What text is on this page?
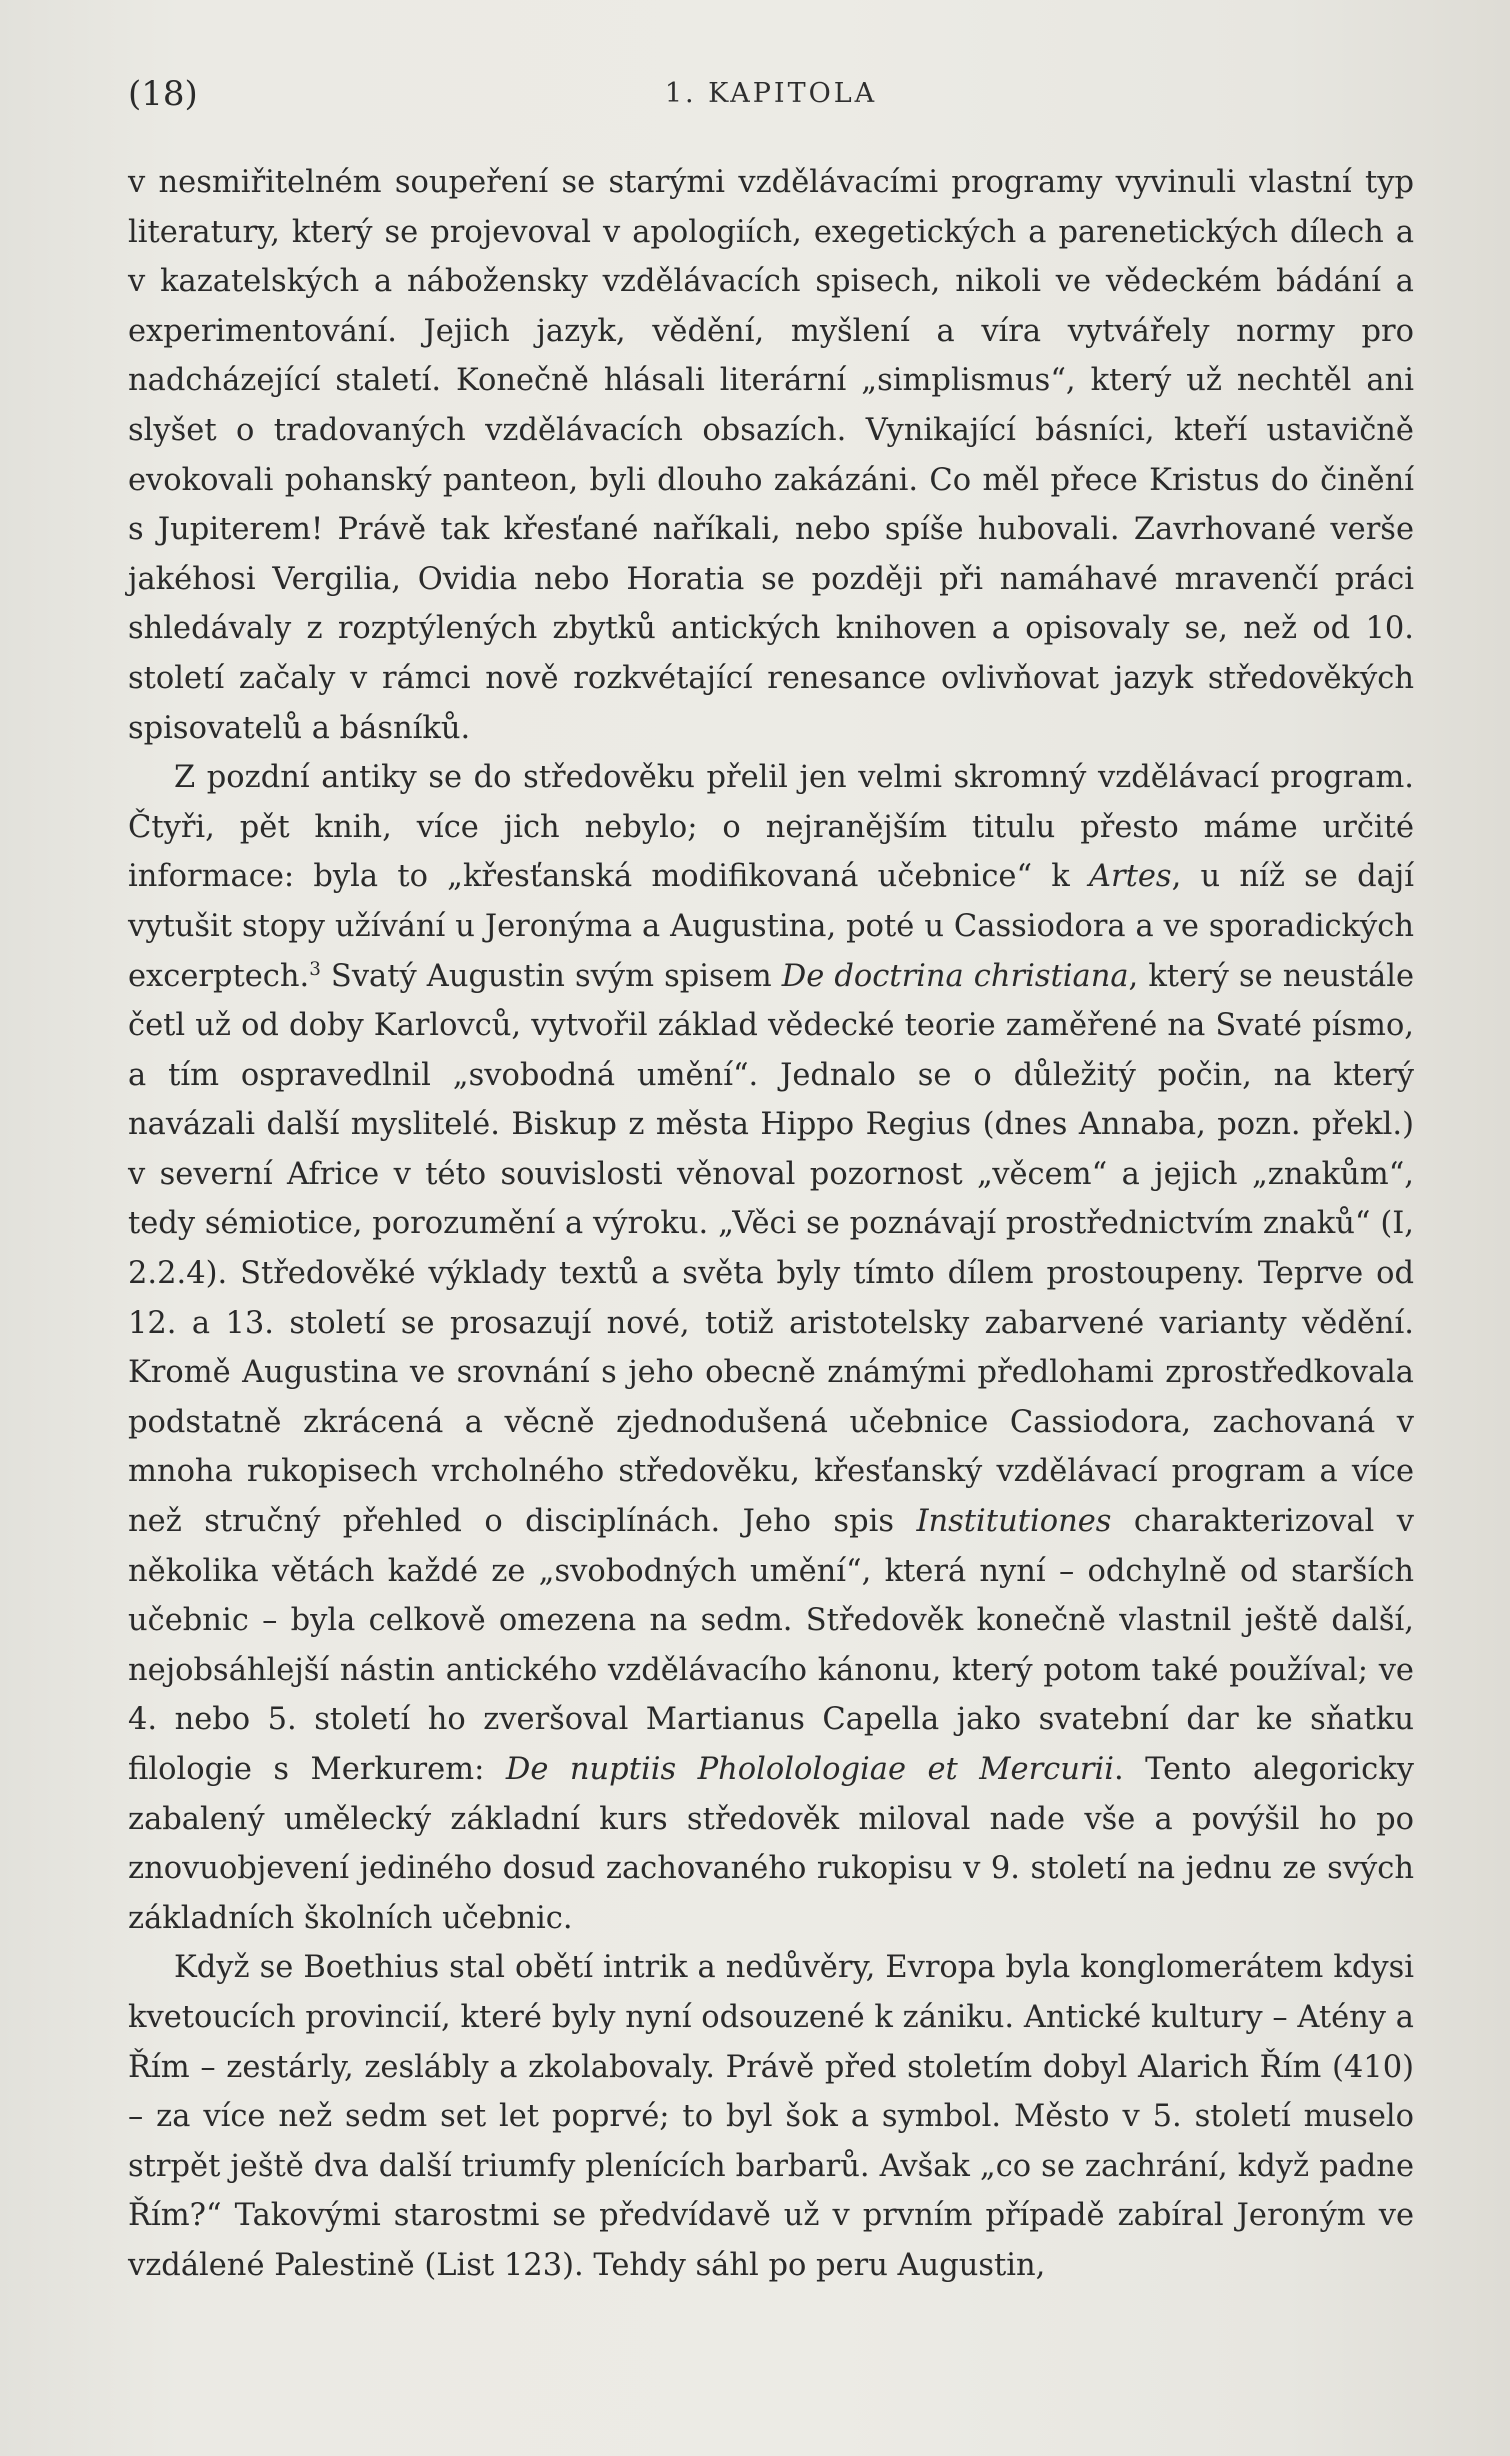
(18)	1. KAPITOLA

v nesmiřitelném soupeření se starými vzdělávacími programy vyvinuli vlastní typ literatury, který se projevoval v apologiích, exegetických a parenetických dílech a v kazatelských a nábožensky vzdělávacích spisech, nikoli ve vědeckém bádání a experimentování. Jejich jazyk, vědění, myšlení a víra vytvářely normy pro nadcházející staletí. Konečně hlásali literární „simplismus“, který už nechtěl ani slyšet o tradovaných vzdělávacích obsazích. Vynikající básníci, kteří ustavičně evokovali pohanský panteon, byli dlouho zakázáni. Co měl přece Kristus do činění s Jupiterem! Právě tak křesťané naříkali, nebo spíše hubovali. Zavrhované verše jakéhosi Vergilia, Ovidia nebo Horatia se později při namáhavé mravenčí práci shledávaly z rozptýlených zbytků antických knihoven a opisovaly se, než od 10. století začaly v rámci nově rozkvétající renesance ovlivňovat jazyk středověkých spisovatelů a básníků.

Z pozdní antiky se do středověku přelil jen velmi skromný vzdělávací program. Čtyři, pět knih, více jich nebylo; o nejranějším titulu přesto máme určité informace: byla to „křesťanská modifikovaná učebnice“ k Artes, u níž se dají vytušit stopy užívání u Jeronýma a Augustina, poté u Cassiodora a ve sporadických excerptech.$^3$ Svatý Augustin svým spisem De doctrina christiana, který se neustále četl už od doby Karlovců, vytvořil základ vědecké teorie zaměřené na Svaté písmo, a tím ospravedlnil „svobodná umění“. Jednalo se o důležitý počin, na který navázali další myslitelé. Biskup z města Hippo Regius (dnes Annaba, pozn. překl.) v severní Africe v této souvislosti věnoval pozornost „věcem“ a jejich „znakům“, tedy sémiotice, porozumění a výroku. „Věci se poznávají prostřednictvím znaků“ (I, 2.2.4). Středověké výklady textů a světa byly tímto dílem prostoupeny. Teprve od 12. a 13. století se prosazují nové, totiž aristotelsky zabarvené varianty vědění. Kromě Augustina ve srovnání s jeho obecně známými předlohami zprostředkovala podstatně zkrácená a věcně zjednodušená učebnice Cassiodora, zachovaná v mnoha rukopisech vrcholného středověku, křesťanský vzdělávací program a více než stručný přehled o disciplínách. Jeho spis Institutiones charakterizoval v několika větách každé ze „svobodných umění“, která nyní – odchylně od starších učebnic – byla celkově omezena na sedm. Středověk konečně vlastnil ještě další, nejobsáhlejší nástin antického vzdělávacího kánonu, který potom také používal; ve 4. nebo 5. století ho zveršoval Martianus Capella jako svatební dar ke sňatku filologie s Merkurem: De nuptiis Phololologiae et Mercurii. Tento alegoricky zabalený umělecký základní kurs středověk miloval nade vše a povýšil ho po znovuobjevení jediného dosud zachovaného rukopisu v 9. století na jednu ze svých základních školních učebnic.

Když se Boethius stal obětí intrik a nedůvěry, Evropa byla konglomerátem kdysi kvetoucích provincií, které byly nyní odsouzené k zániku. Antické kultury – Atény a Řím – zestárly, zeslábly a zkolabovaly. Právě před stoletím dobyl Alarich Řím (410) – za více než sedm set let poprvé; to byl šok a symbol. Město v 5. století muselo strpět ještě dva další triumfy plenících barbarů. Avšak „co se zachrání, když padne Řím?“ Takovými starostmi se předvídavě už v prvním případě zabíral Jeroným ve vzdálené Palestině (List 123). Tehdy sáhl po peru Augustin,
